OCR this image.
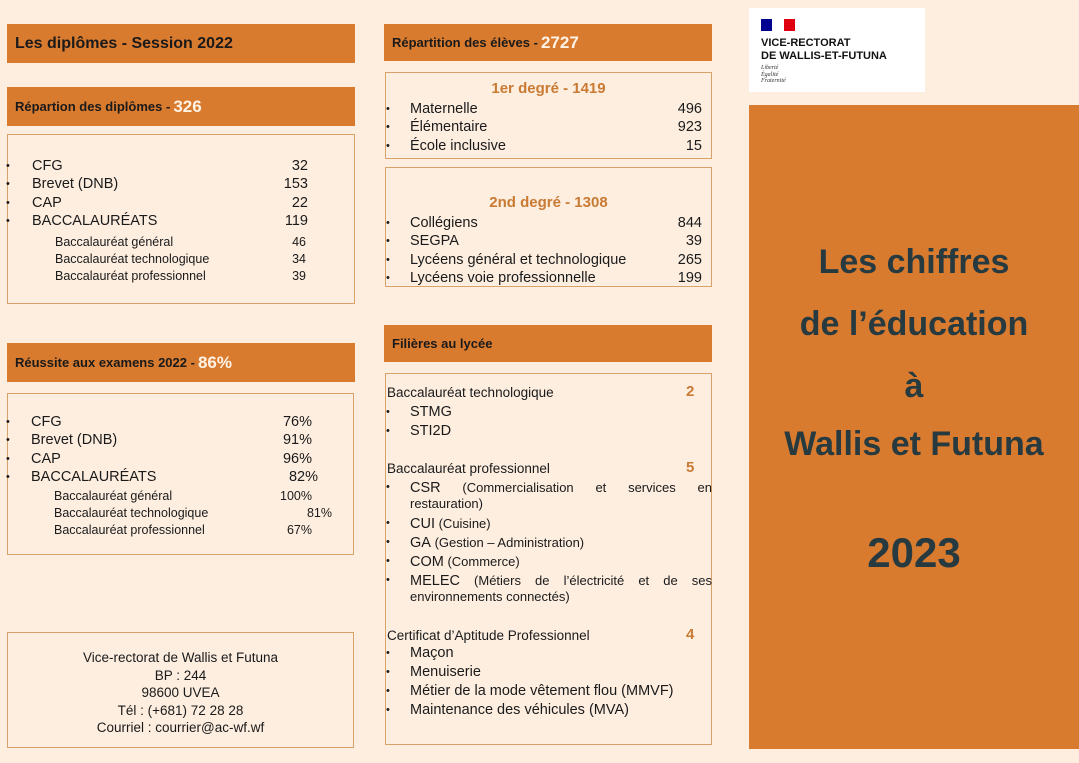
Les diplômes - Session 2022
Répartion des diplômes - 326
• CFG	32
• Brevet (DNB)	153
• CAP	22
• BACCALAURÉATS	119
Baccalauréat général	46
Baccalauréat technologique	34
Baccalauréat professionnel	39
Réussite aux examens 2022 - 86%
• CFG	76%
• Brevet (DNB)	91%
• CAP	96%
• BACCALAURÉATS	82%
Baccalauréat général	100%
Baccalauréat technologique	81%
Baccalauréat professionnel	67%
Vice-rectorat de Wallis et Futuna
BP : 244
98600 UVEA
Tél : (+681) 72 28 28
Courriel : courrier@ac-wf.wf
Répartition des élèves - 2727
1er degré - 1419
• Maternelle	496
• Élémentaire	923
• École inclusive	15
2nd degré - 1308
• Collégiens	844
• SEGPA	39
• Lycéens général et technologique	265
• Lycéens voie professionnelle	199
Filières au lycée
Baccalauréat technologique	2
• STMG
• STI2D
Baccalauréat professionnel	5
• CSR (Commercialisation et services en
restauration)
• CUI (Cuisine)
• GA (Gestion – Administration)
• COM (Commerce)
• MELEC (Métiers de l’électricité et de ses
environnements connectés)
Certificat d’Aptitude Professionnel	4
• Maçon
• Menuiserie
• Métier de la mode vêtement flou (MMVF)
• Maintenance des véhicules (MVA)
VICE-RECTORAT
DE WALLIS-ET-FUTUNA
Liberté
Égalité
Fraternité
Les chiffres
de l’éducation
à
Wallis et Futuna
2023
